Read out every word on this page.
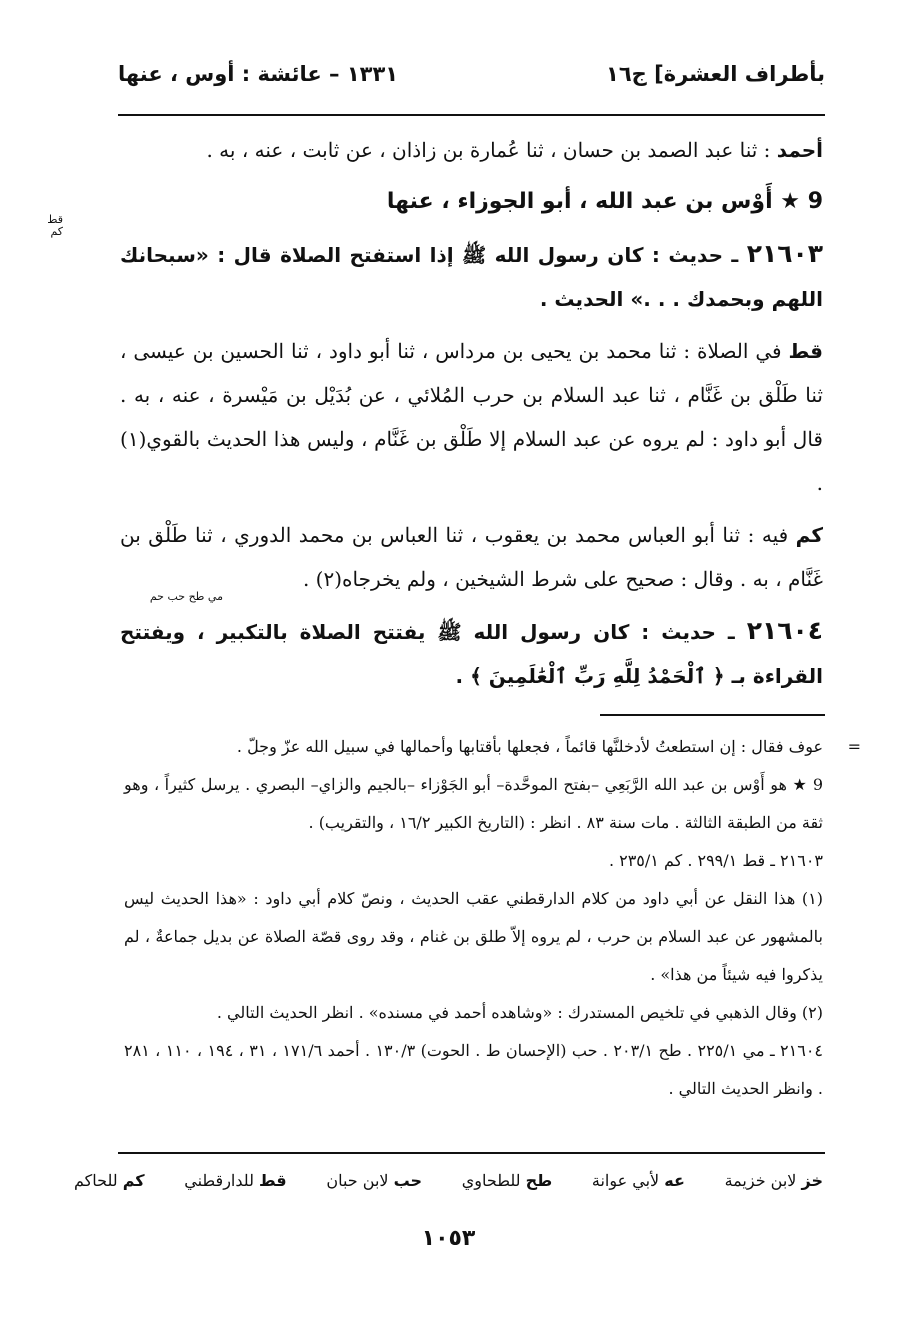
بأطراف العشرة] ج١٦
١٣٣١ – عائشة : أوس ، عنها

أحمد : ثنا عبد الصمد بن حسان ، ثنا عُمارة بن زاذان ، عن ثابت ، عنه ، به .

9 ★ أَوْس بن عبد الله ، أبو الجوزاء ، عنها

قط كم
٢١٦٠٣ ـ حديث : كان رسول الله ﷺ إذا استفتح الصلاة قال : «سبحانك اللهم وبحمدك . . .» الحديث .

قط في الصلاة : ثنا محمد بن يحيى بن مرداس ، ثنا أبو داود ، ثنا الحسين بن عيسى ، ثنا طَلْق بن غَنَّام ، ثنا عبد السلام بن حرب المُلائي ، عن بُدَيْل بن مَيْسرة ، عنه ، به . قال أبو داود : لم يروه عن عبد السلام إلا طَلْق بن غَنَّام ، وليس هذا الحديث بالقوي(١) .

كم فيه : ثنا أبو العباس محمد بن يعقوب ، ثنا العباس بن محمد الدوري ، ثنا طَلْق بن غَنَّام ، به . وقال : صحيح على شرط الشيخين ، ولم يخرجاه(٢) .

مي طح حب حم
٢١٦٠٤ ـ حديث : كان رسول الله ﷺ يفتتح الصلاة بالتكبير ، ويفتتح القراءة بـ ﴿ ٱلْحَمْدُ لِلَّهِ رَبِّ ٱلْعَٰلَمِينَ ﴾ .

=
عوف فقال : إن استطعتُ لأدخلنَّها قائماً ، فجعلها بأقتابها وأحمالها في سبيل الله عزّ وجلّ .

9 ★ هو أَوْس بن عبد الله الرَّبَعِي –بفتح الموحَّدة– أبو الجَوْزاء –بالجيم والزاي– البصري . يرسل كثيراً ، وهو ثقة من الطبقة الثالثة . مات سنة ٨٣ . انظر : (التاريخ الكبير ١٦/٢ ، والتقريب) .

٢١٦٠٣ ـ قط ٢٩٩/١ . كم ٢٣٥/١ .

(١) هذا النقل عن أبي داود من كلام الدارقطني عقب الحديث ، ونصّ كلام أبي داود : «هذا الحديث ليس بالمشهور عن عبد السلام بن حرب ، لم يروه إلاّ طلق بن غنام ، وقد روى قصّة الصلاة عن بديل جماعةٌ ، لم يذكروا فيه شيئاً من هذا» .

(٢) وقال الذهبي في تلخيص المستدرك : «وشاهده أحمد في مسنده» . انظر الحديث التالي .

٢١٦٠٤ ـ مي ٢٢٥/١ . طح ٢٠٣/١ . حب (الإحسان ط . الحوت) ١٣٠/٣ . أحمد ١٧١/٦ ، ٣١ ، ١٩٤ ، ١١٠ ، ٢٨١ . وانظر الحديث التالي .

خز لابن خزيمة
عه لأبي عوانة
طح للطحاوي
حب لابن حبان
قط للدارقطني
كم للحاكم
١٠٥٣
